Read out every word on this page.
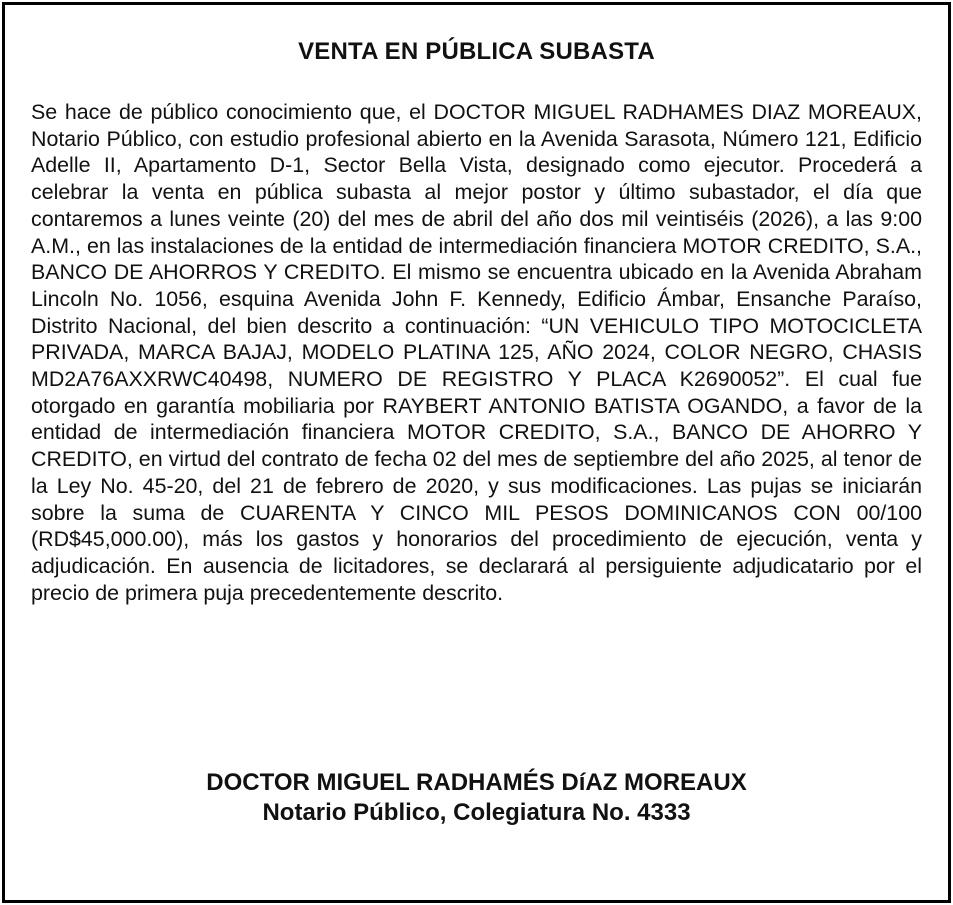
VENTA EN PÚBLICA SUBASTA

Se hace de público conocimiento que, el DOCTOR MIGUEL RADHAMES DIAZ MOREAUX, Notario Público, con estudio profesional abierto en la Avenida Sarasota, Número 121, Edificio Adelle II, Apartamento D-1, Sector Bella Vista, designado como ejecutor. Procederá a celebrar la venta en pública subasta al mejor postor y último subastador, el día que contaremos a lunes veinte (20) del mes de abril del año dos mil veintiséis (2026), a las 9:00 A.M., en las instalaciones de la entidad de intermediación financiera MOTOR CREDITO, S.A., BANCO DE AHORROS Y CREDITO. El mismo se encuentra ubicado en la Avenida Abraham Lincoln No. 1056, esquina Avenida John F. Kennedy, Edificio Ámbar, Ensanche Paraíso, Distrito Nacional, del bien descrito a continuación: “UN VEHICULO TIPO MOTOCICLETA PRIVADA, MARCA BAJAJ, MODELO PLATINA 125, AÑO 2024, COLOR NEGRO, CHASIS MD2A76AXXRWC40498, NUMERO DE REGISTRO Y PLACA K2690052”. El cual fue otorgado en garantía mobiliaria por RAYBERT ANTONIO BATISTA OGANDO, a favor de la entidad de intermediación financiera MOTOR CREDITO, S.A., BANCO DE AHORRO Y CREDITO, en virtud del contrato de fecha 02 del mes de septiembre del año 2025, al tenor de la Ley No. 45-20, del 21 de febrero de 2020, y sus modificaciones. Las pujas se iniciarán sobre la suma de CUARENTA Y CINCO MIL PESOS DOMINICANOS CON 00/100 (RD$45,000.00), más los gastos y honorarios del procedimiento de ejecución, venta y adjudicación. En ausencia de licitadores, se declarará al persiguiente adjudicatario por el precio de primera puja precedentemente descrito.

DOCTOR MIGUEL RADHAMÉS DíAZ MOREAUX
Notario Público, Colegiatura No. 4333
